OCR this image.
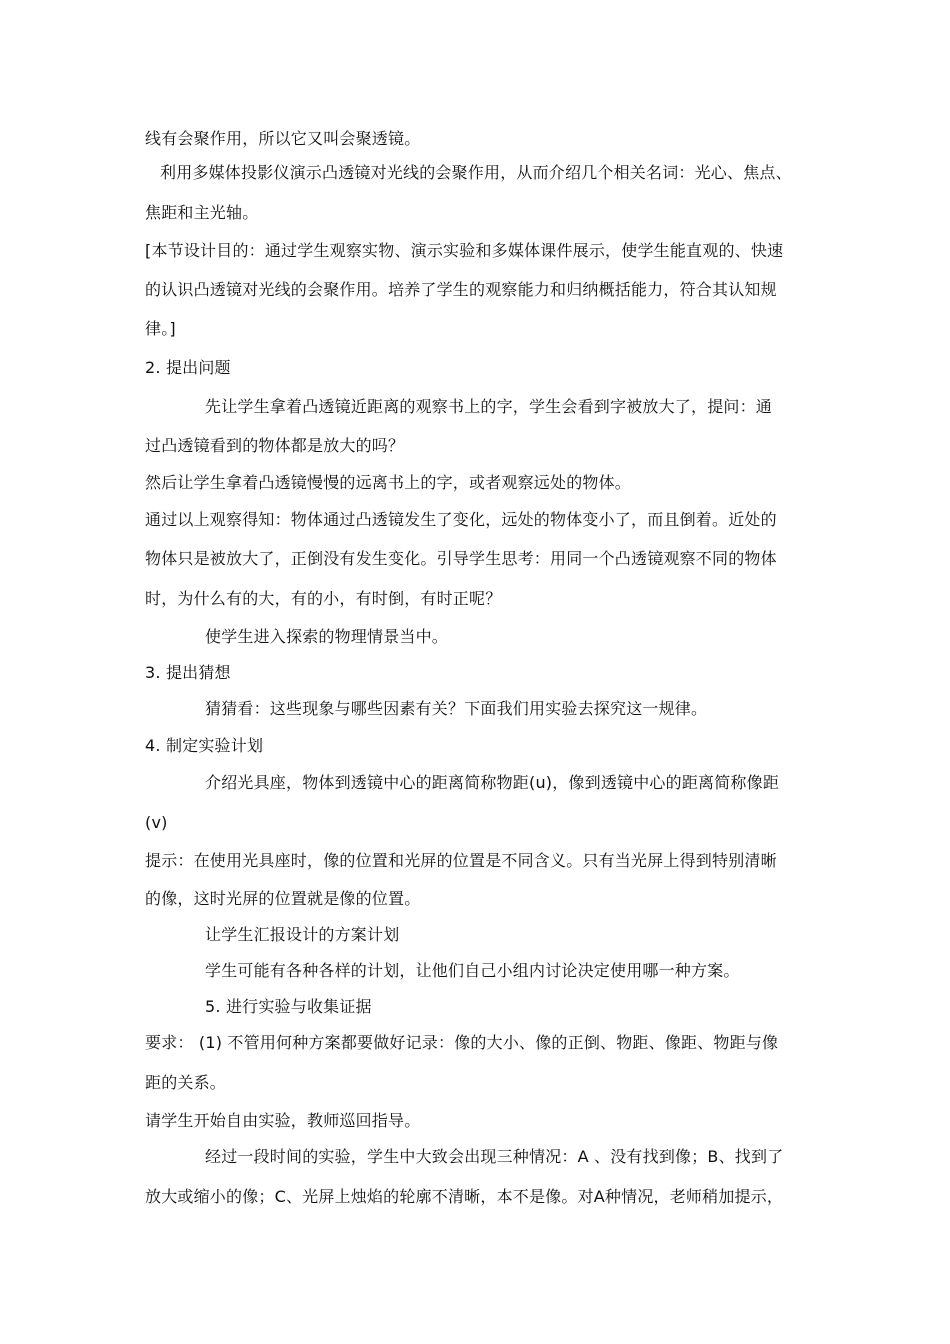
线有会聚作用，所以它又叫会聚透镜。
利用多媒体投影仪演示凸透镜对光线的会聚作用，从而介绍几个相关名词：光心、焦点、
焦距和主光轴。
[本节设计目的：通过学生观察实物、演示实验和多媒体课件展示，使学生能直观的、快速
的认识凸透镜对光线的会聚作用。培养了学生的观察能力和归纳概括能力，符合其认知规
律。]
2. 提出问题
先让学生拿着凸透镜近距离的观察书上的字，学生会看到字被放大了，提问：通
过凸透镜看到的物体都是放大的吗？
然后让学生拿着凸透镜慢慢的远离书上的字，或者观察远处的物体。
通过以上观察得知：物体通过凸透镜发生了变化，远处的物体变小了，而且倒着。近处的
物体只是被放大了，正倒没有发生变化。引导学生思考：用同一个凸透镜观察不同的物体
时，为什么有的大，有的小，有时倒，有时正呢？
使学生进入探索的物理情景当中。
3. 提出猜想
猜猜看：这些现象与哪些因素有关？下面我们用实验去探究这一规律。
4. 制定实验计划
介绍光具座，物体到透镜中心的距离简称物距(u)，像到透镜中心的距离简称像距
(v)
提示：在使用光具座时，像的位置和光屏的位置是不同含义。只有当光屏上得到特别清晰
的像，这时光屏的位置就是像的位置。
让学生汇报设计的方案计划
学生可能有各种各样的计划，让他们自己小组内讨论决定使用哪一种方案。
5. 进行实验与收集证据
要求： (1) 不管用何种方案都要做好记录：像的大小、像的正倒、物距、像距、物距与像
距的关系。
请学生开始自由实验，教师巡回指导。
经过一段时间的实验，学生中大致会出现三种情况：A 、没有找到像；B、找到了
放大或缩小的像；C、光屏上烛焰的轮廓不清晰，本不是像。对A种情况，老师稍加提示，
